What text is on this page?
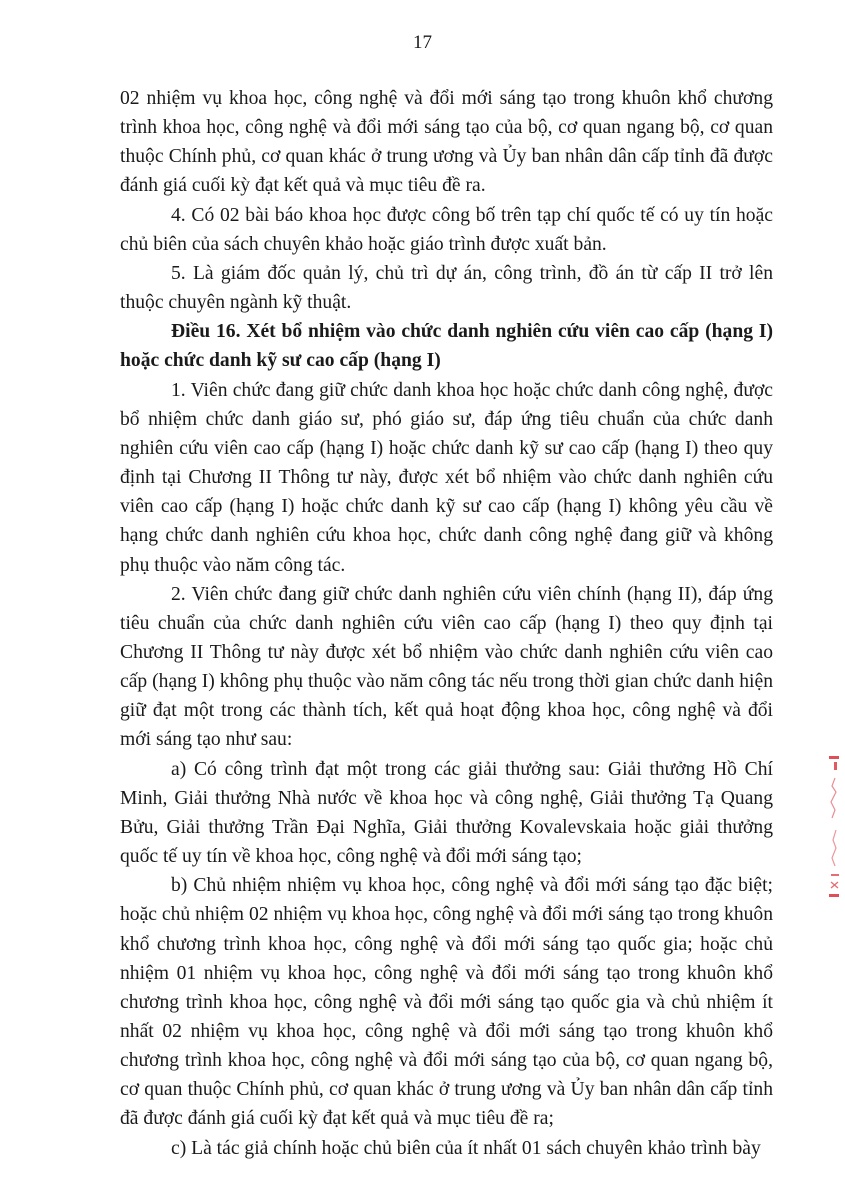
17

02 nhiệm vụ khoa học, công nghệ và đổi mới sáng tạo trong khuôn khổ chương trình khoa học, công nghệ và đổi mới sáng tạo của bộ, cơ quan ngang bộ, cơ quan thuộc Chính phủ, cơ quan khác ở trung ương và Ủy ban nhân dân cấp tỉnh đã được đánh giá cuối kỳ đạt kết quả và mục tiêu đề ra.

4. Có 02 bài báo khoa học được công bố trên tạp chí quốc tế có uy tín hoặc chủ biên của sách chuyên khảo hoặc giáo trình được xuất bản.

5. Là giám đốc quản lý, chủ trì dự án, công trình, đồ án từ cấp II trở lên thuộc chuyên ngành kỹ thuật.

Điều 16. Xét bổ nhiệm vào chức danh nghiên cứu viên cao cấp (hạng I) hoặc chức danh kỹ sư cao cấp (hạng I)

1. Viên chức đang giữ chức danh khoa học hoặc chức danh công nghệ, được bổ nhiệm chức danh giáo sư, phó giáo sư, đáp ứng tiêu chuẩn của chức danh nghiên cứu viên cao cấp (hạng I) hoặc chức danh kỹ sư cao cấp (hạng I) theo quy định tại Chương II Thông tư này, được xét bổ nhiệm vào chức danh nghiên cứu viên cao cấp (hạng I) hoặc chức danh kỹ sư cao cấp (hạng I) không yêu cầu về hạng chức danh nghiên cứu khoa học, chức danh công nghệ đang giữ và không phụ thuộc vào năm công tác.

2. Viên chức đang giữ chức danh nghiên cứu viên chính (hạng II), đáp ứng tiêu chuẩn của chức danh nghiên cứu viên cao cấp (hạng I) theo quy định tại Chương II Thông tư này được xét bổ nhiệm vào chức danh nghiên cứu viên cao cấp (hạng I) không phụ thuộc vào năm công tác nếu trong thời gian chức danh hiện giữ đạt một trong các thành tích, kết quả hoạt động khoa học, công nghệ và đổi mới sáng tạo như sau:

a) Có công trình đạt một trong các giải thưởng sau: Giải thưởng Hồ Chí Minh, Giải thưởng Nhà nước về khoa học và công nghệ, Giải thưởng Tạ Quang Bửu, Giải thưởng Trần Đại Nghĩa, Giải thưởng Kovalevskaia hoặc giải thưởng quốc tế uy tín về khoa học, công nghệ và đổi mới sáng tạo;

b) Chủ nhiệm nhiệm vụ khoa học, công nghệ và đổi mới sáng tạo đặc biệt; hoặc chủ nhiệm 02 nhiệm vụ khoa học, công nghệ và đổi mới sáng tạo trong khuôn khổ chương trình khoa học, công nghệ và đổi mới sáng tạo quốc gia; hoặc chủ nhiệm 01 nhiệm vụ khoa học, công nghệ và đổi mới sáng tạo trong khuôn khổ chương trình khoa học, công nghệ và đổi mới sáng tạo quốc gia và chủ nhiệm ít nhất 02 nhiệm vụ khoa học, công nghệ và đổi mới sáng tạo trong khuôn khổ chương trình khoa học, công nghệ và đổi mới sáng tạo của bộ, cơ quan ngang bộ, cơ quan thuộc Chính phủ, cơ quan khác ở trung ương và Ủy ban nhân dân cấp tỉnh đã được đánh giá cuối kỳ đạt kết quả và mục tiêu đề ra;

c) Là tác giả chính hoặc chủ biên của ít nhất 01 sách chuyên khảo trình bày
